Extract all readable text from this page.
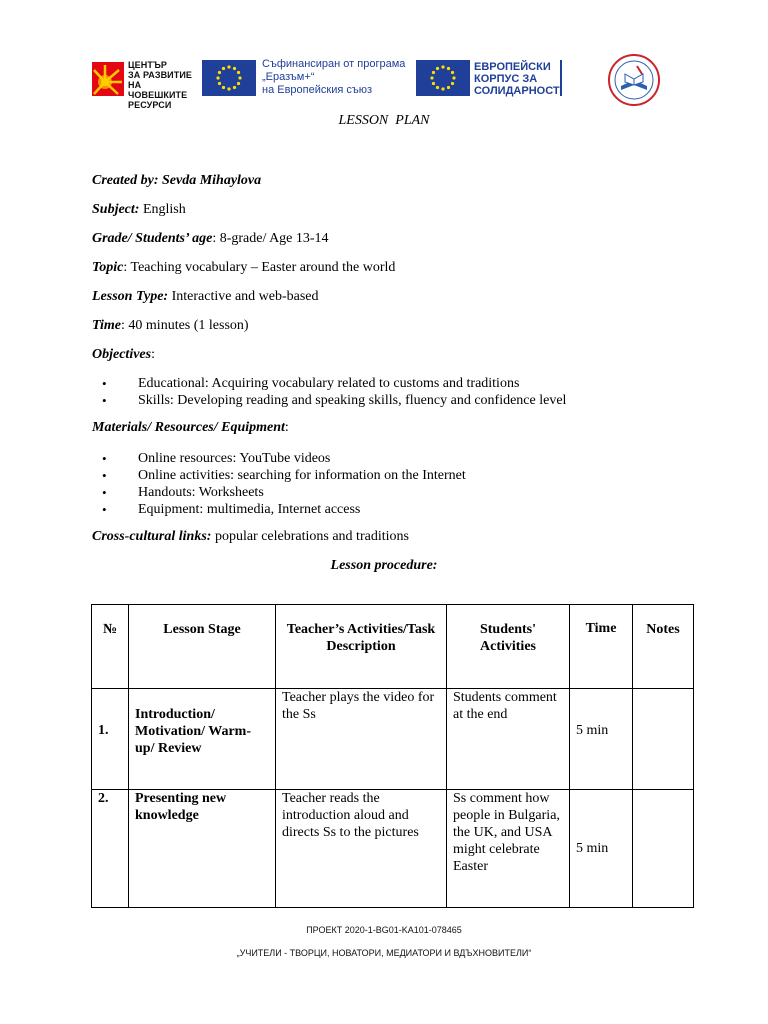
ЦЕНТЪР
ЗА РАЗВИТИЕ
НА ЧОВЕШКИТЕ
РЕСУРСИ
Съфинансиран от програма
„Еразъм+“
на Европейския съюз
ЕВРОПЕЙСКИ
КОРПУС ЗА
СОЛИДАРНОСТ
LESSON  PLAN
Created by: Sevda Mihaylova
Subject: English
Grade/ Students’ age: 8-grade/ Age 13-14
Topic: Teaching vocabulary – Easter around the world
Lesson Type: Interactive and web-based
Time: 40 minutes (1 lesson)
Objectives:
Materials/ Resources/ Equipment:
Cross-cultural links: popular celebrations and traditions
• Educational: Acquiring vocabulary related to customs and traditions
• Skills: Developing reading and speaking skills, fluency and confidence level
• Online resources: YouTube videos
• Online activities: searching for information on the Internet
• Handouts: Worksheets
• Equipment: multimedia, Internet access
Lesson procedure:
№	Lesson Stage	Teacher’s Activities/Task Description	Students' Activities	Time	Notes
1.	Introduction/ Motivation/ Warm-up/ Review	Teacher plays the video for the Ss	Students comment at the end	5 min	
2.	Presenting new knowledge	Teacher reads the introduction aloud and directs Ss to the pictures	Ss comment how people in Bulgaria, the UK, and USA might celebrate Easter	5 min	
ПРОЕКТ 2020-1-BG01-KA101-078465
„УЧИТЕЛИ - ТВОРЦИ, НОВАТОРИ, МЕДИАТОРИ И ВДЪХНОВИТЕЛИ“
